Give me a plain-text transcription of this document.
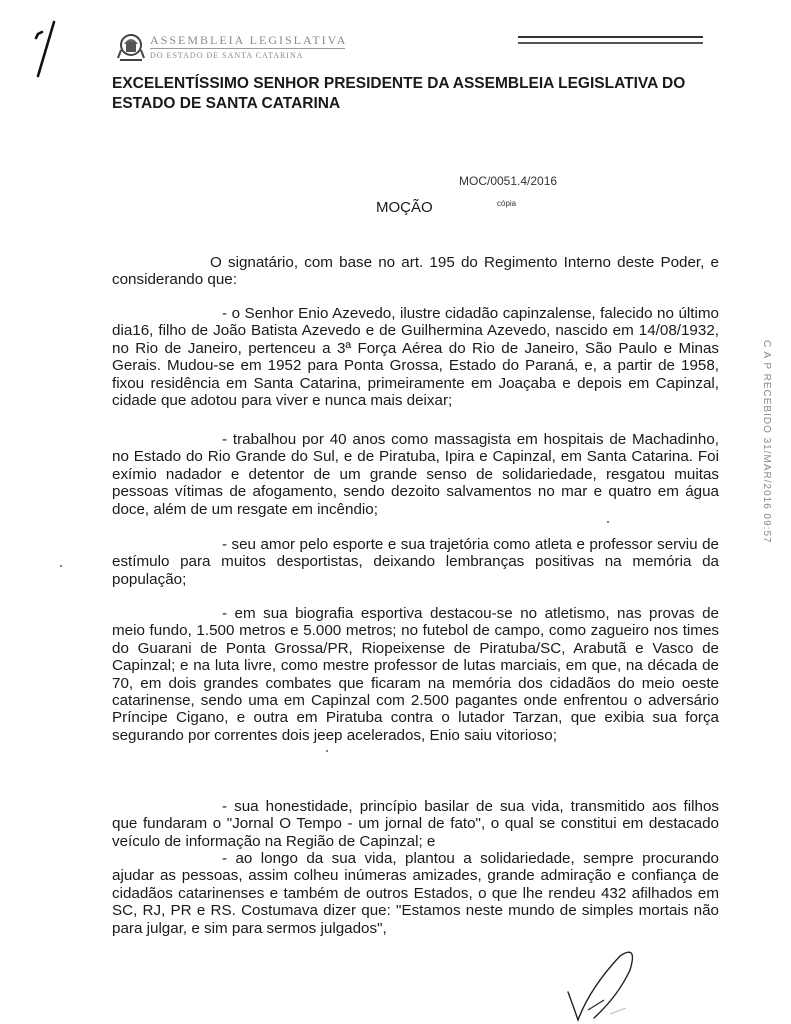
· · ·
ASSEMBLEIA LEGISLATIVA
DO ESTADO DE SANTA CATARINA
EXCELENTÍSSIMO SENHOR PRESIDENTE DA ASSEMBLEIA LEGISLATIVA DO ESTADO DE SANTA CATARINA
MOC/0051.4/2016
MOÇÃO	cópia

O signatário, com base no art. 195 do Regimento Interno deste Poder, e considerando que:

- o Senhor Enio Azevedo, ilustre cidadão capinzalense, falecido no último dia16, filho de João Batista Azevedo e de Guilhermina Azevedo, nascido em 14/08/1932, no Rio de Janeiro, pertenceu a 3ª Força Aérea do Rio de Janeiro, São Paulo e Minas Gerais. Mudou-se em 1952 para Ponta Grossa, Estado do Paraná, e, a partir de 1958, fixou residência em Santa Catarina, primeiramente em Joaçaba e depois em Capinzal, cidade que adotou para viver e nunca mais deixar;

- trabalhou por 40 anos como massagista em hospitais de Machadinho, no Estado do Rio Grande do Sul, e de Piratuba, Ipira e Capinzal, em Santa Catarina. Foi exímio nadador e detentor de um grande senso de solidariedade, resgatou muitas pessoas vítimas de afogamento, sendo dezoito salvamentos no mar e quatro em água doce, além de um resgate em incêndio;

- seu amor pelo esporte e sua trajetória como atleta e professor serviu de estímulo para muitos desportistas, deixando lembranças positivas na memória da população;

- em sua biografia esportiva destacou-se no atletismo, nas provas de meio fundo, 1.500 metros e 5.000 metros; no futebol de campo, como zagueiro nos times do Guarani de Ponta Grossa/PR, Riopeixense de Piratuba/SC, Arabutã e Vasco de Capinzal; e na luta livre, como mestre professor de lutas marciais, em que, na década de 70, em dois grandes combates que ficaram na memória dos cidadãos do meio oeste catarinense, sendo uma em Capinzal com 2.500 pagantes onde enfrentou o adversário Príncipe Cigano, e outra em Piratuba contra o lutador Tarzan, que exibia sua força segurando por correntes dois jeep acelerados, Enio saiu vitorioso;

- sua honestidade, princípio basilar de sua vida, transmitido aos filhos que fundaram o "Jornal O Tempo - um jornal de fato", o qual se constitui em destacado veículo de informação na Região de Capinzal; e

- ao longo da sua vida, plantou a solidariedade, sempre procurando ajudar as pessoas, assim colheu inúmeras amizades, grande admiração e confiança de cidadãos catarinenses e também de outros Estados, o que lhe rendeu 432 afilhados em SC, RJ, PR e RS. Costumava dizer que: "Estamos neste mundo de simples mortais não para julgar, e sim para sermos julgados",

C A P RECEBIDO 31/MAR/2016 09:57
